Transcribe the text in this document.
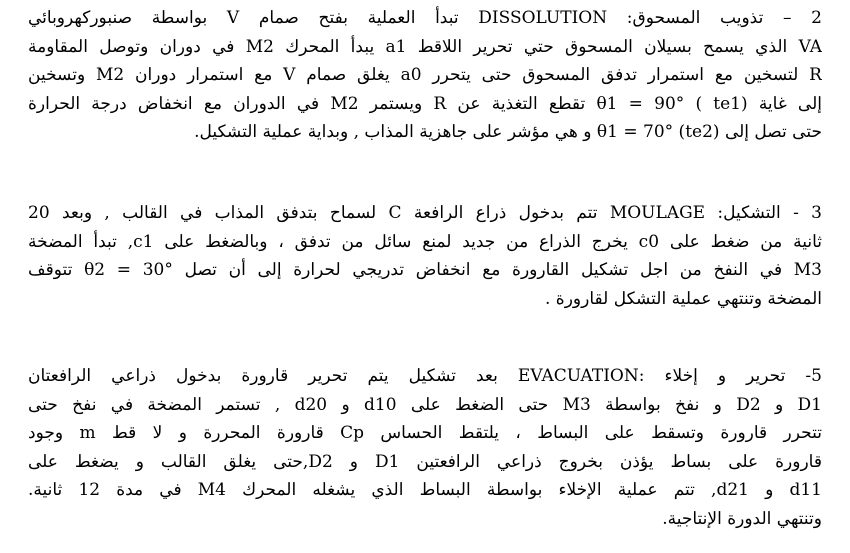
2 – تذويب المسحوق: DISSOLUTION تبدأ العملية بفتح صمام V بواسطة صنبوركهروبائي
VA الذي يسمح بسيلان المسحوق حتي تحرير اللاقط a1 يبدأ المحرك M2 في دوران وتوصل المقاومة
R لتسخين مع استمرار تدفق المسحوق حتى يتحرر a0 يغلق صمام V مع استمرار دوران M2 وتسخين
إلى غاية θ1 = 90° ( te1) تقطع التغذية عن R ويستمر M2 في الدوران مع انخفاض درجة الحرارة
حتى تصل إلى θ1 = 70° (te2) و هي مؤشر على جاهزية المذاب , وبداية عملية التشكيل.
3 - التشكيل: MOULAGE تتم بدخول ذراع الرافعة C لسماح بتدفق المذاب في القالب , وبعد 20
ثانية من ضغط على c0 يخرج الذراع من جديد لمنع سائل من تدفق ، وبالضغط على c1, تبدأ المضخة
M3 في النفخ من اجل تشكيل القارورة مع انخفاض تدريجي لحرارة إلى أن تصل θ2 = 30° تتوقف
المضخة وتنتهي عملية التشكل لقارورة .
5- تحرير و إخلاء :EVACUATION بعد تشكيل يتم تحرير قارورة بدخول ذراعي الرافعتان
D1 و D2 و نفخ بواسطة M3 حتى الضغط على d10 و d20 , تستمر المضخة في نفخ حتى
تتحرر قارورة وتسقط على البساط ، يلتقط الحساس Cp قارورة المحررة و لا قط m وجود
قارورة على بساط يؤذن بخروج ذراعي الرافعتين D1 و D2,حتى يغلق القالب و يضغط على
d11 و d21, تتم عملية الإخلاء بواسطة البساط الذي يشغله المحرك M4 في مدة 12 ثانية.
وتنتهي الدورة الإنتاجية.
